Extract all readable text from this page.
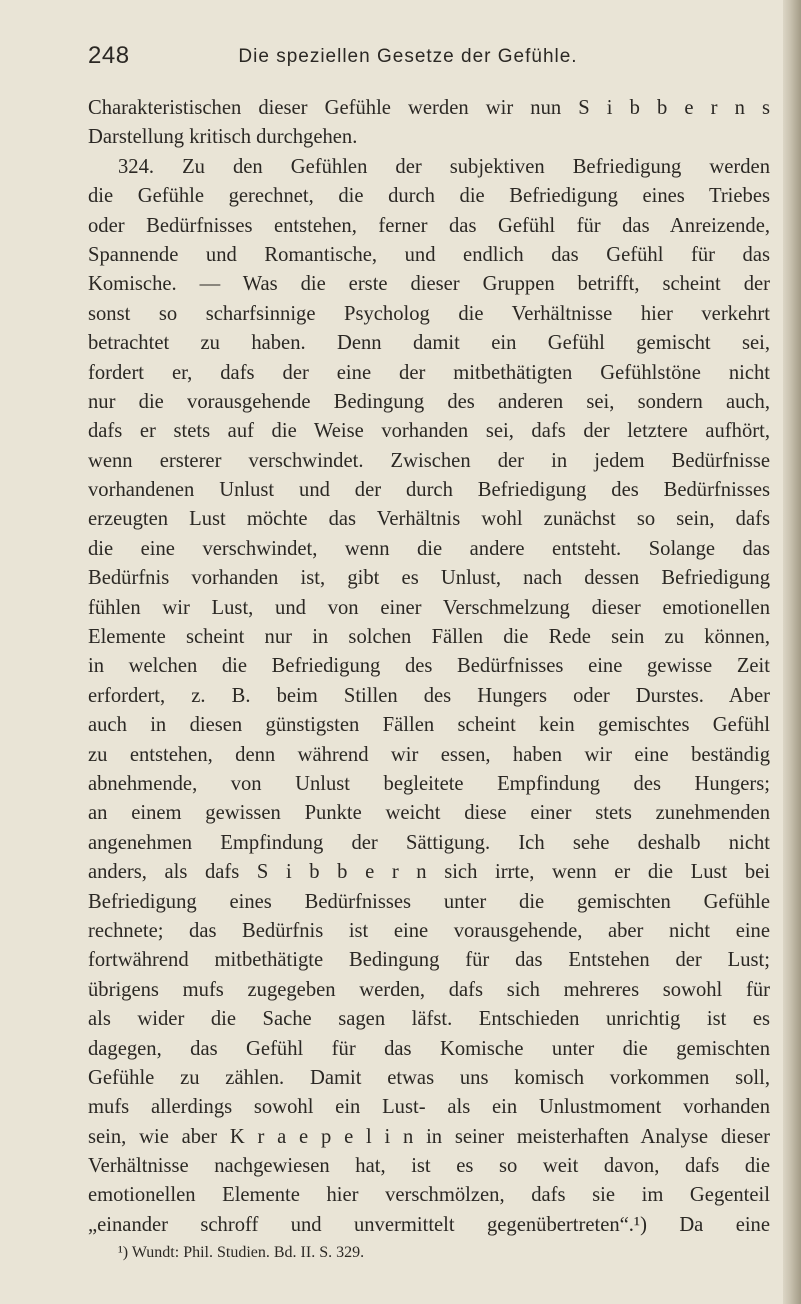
248	Die speziellen Gesetze der Gefühle.
Charakteristischen dieser Gefühle werden wir nun S i b b e r n s
Darstellung kritisch durchgehen.
324. Zu den Gefühlen der subjektiven Befriedigung werden
die Gefühle gerechnet, die durch die Befriedigung eines Triebes
oder Bedürfnisses entstehen, ferner das Gefühl für das Anreizende,
Spannende und Romantische, und endlich das Gefühl für das
Komische. — Was die erste dieser Gruppen betrifft, scheint der
sonst so scharfsinnige Psycholog die Verhältnisse hier verkehrt
betrachtet zu haben. Denn damit ein Gefühl gemischt sei,
fordert er, dafs der eine der mitbethätigten Gefühlstöne nicht
nur die vorausgehende Bedingung des anderen sei, sondern auch,
dafs er stets auf die Weise vorhanden sei, dafs der letztere aufhört,
wenn ersterer verschwindet. Zwischen der in jedem Bedürfnisse
vorhandenen Unlust und der durch Befriedigung des Bedürfnisses
erzeugten Lust möchte das Verhältnis wohl zunächst so sein, dafs
die eine verschwindet, wenn die andere entsteht. Solange das
Bedürfnis vorhanden ist, gibt es Unlust, nach dessen Befriedigung
fühlen wir Lust, und von einer Verschmelzung dieser emotionellen
Elemente scheint nur in solchen Fällen die Rede sein zu können,
in welchen die Befriedigung des Bedürfnisses eine gewisse Zeit
erfordert, z. B. beim Stillen des Hungers oder Durstes. Aber
auch in diesen günstigsten Fällen scheint kein gemischtes Gefühl
zu entstehen, denn während wir essen, haben wir eine beständig
abnehmende, von Unlust begleitete Empfindung des Hungers;
an einem gewissen Punkte weicht diese einer stets zunehmenden
angenehmen Empfindung der Sättigung. Ich sehe deshalb nicht
anders, als dafs S i b b e r n sich irrte, wenn er die Lust bei
Befriedigung eines Bedürfnisses unter die gemischten Gefühle
rechnete; das Bedürfnis ist eine vorausgehende, aber nicht eine
fortwährend mitbethätigte Bedingung für das Entstehen der Lust;
übrigens mufs zugegeben werden, dafs sich mehreres sowohl für
als wider die Sache sagen läfst. Entschieden unrichtig ist es
dagegen, das Gefühl für das Komische unter die gemischten
Gefühle zu zählen. Damit etwas uns komisch vorkommen soll,
mufs allerdings sowohl ein Lust- als ein Unlustmoment vorhanden
sein, wie aber K r a e p e l i n in seiner meisterhaften Analyse dieser
Verhältnisse nachgewiesen hat, ist es so weit davon, dafs die
emotionellen Elemente hier verschmölzen, dafs sie im Gegenteil
„einander schroff und unvermittelt gegenübertreten“.¹) Da eine
¹) Wundt: Phil. Studien. Bd. II. S. 329.
